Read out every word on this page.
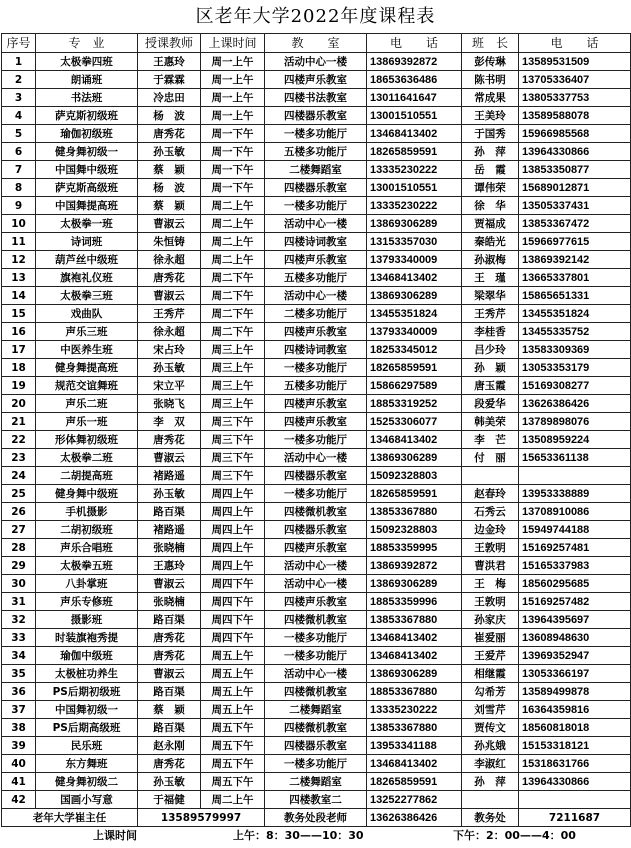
区老年大学2022年度课程表
序号	专　业	授课教师	上课时间	教　　室	电　　话	班　长	电　　话
1	太极拳四班	王惠玲	周一上午	活动中心一楼	13869392872	彭传琳	13589531509
2	朗诵班	于霖霖	周一上午	四楼声乐教室	18653636486	陈书明	13705336407
3	书法班	冷忠田	周一上午	四楼书法教室	13011641647	常成果	13805337753
4	萨克斯初级班	杨　波	周一上午	四楼器乐教室	13001510551	王美玲	13589588078
5	瑜伽初级班	唐秀花	周一下午	一楼多功能厅	13468413402	于国秀	15966985568
6	健身舞初级一	孙玉敏	周一下午	五楼多功能厅	18265859591	孙　萍	13964330866
7	中国舞中级班	蔡　颖	周一下午	二楼舞蹈室	13335230222	岳　霞	13853350877
8	萨克斯高级班	杨　波	周一下午	四楼器乐教室	13001510551	谭伟荣	15689012871
9	中国舞提高班	蔡　颖	周二上午	一楼多功能厅	13335230222	徐　华	13505337431
10	太极拳一班	曹淑云	周二上午	活动中心一楼	13869306289	贾福成	13853367472
11	诗词班	朱恒铸	周二上午	四楼诗词教室	13153357030	秦皓光	15966977615
12	葫芦丝中级班	徐永超	周二上午	四楼声乐教室	13793340009	孙淑梅	13869392142
13	旗袍礼仪班	唐秀花	周二下午	五楼多功能厅	13468413402	王　瑾	13665337801
14	太极拳三班	曹淑云	周二下午	活动中心一楼	13869306289	梁翠华	15865651331
15	戏曲队	王秀芹	周二下午	二楼多功能厅	13455351824	王秀芹	13455351824
16	声乐三班	徐永超	周二下午	四楼声乐教室	13793340009	李桂香	13455335752
17	中医养生班	宋占玲	周三上午	四楼诗词教室	18253345012	吕少玲	13583309369
18	健身舞提高班	孙玉敏	周三上午	一楼多功能厅	18265859591	孙　颖	13053353179
19	规范交谊舞班	宋立平	周三上午	五楼多功能厅	15866297589	唐玉霞	15169308277
20	声乐二班	张晓飞	周三上午	四楼声乐教室	18853319252	段爱华	13626386426
21	声乐一班	李　双	周三下午	四楼声乐教室	15253306077	韩美荣	13789898076
22	形体舞初级班	唐秀花	周三下午	一楼多功能厅	13468413402	李　芒	13508959224
23	太极拳二班	曹淑云	周三下午	活动中心一楼	13869306289	付　丽	15653361138
24	二胡提高班	褚路遥	周三下午	四楼器乐教室	15092328803		
25	健身舞中级班	孙玉敏	周四上午	一楼多功能厅	18265859591	赵春玲	13953338889
26	手机摄影	路百渠	周四上午	四楼微机教室	13853367880	石秀云	13708910086
27	二胡初级班	褚路遥	周四上午	四楼器乐教室	15092328803	边金玲	15949744188
28	声乐合唱班	张晓楠	周四上午	四楼声乐教室	18853359995	王敦明	15169257481
29	太极拳五班	王惠玲	周四上午	活动中心一楼	13869392872	曹洪君	15165337983
30	八卦掌班	曹淑云	周四下午	活动中心一楼	13869306289	王　梅	18560295685
31	声乐专修班	张晓楠	周四下午	四楼声乐教室	18853359996	王敦明	15169257482
32	摄影班	路百渠	周四下午	四楼微机教室	13853367880	孙家庆	13964395697
33	时装旗袍秀提	唐秀花	周四下午	一楼多功能厅	13468413402	崔爱丽	13608948630
34	瑜伽中级班	唐秀花	周五上午	一楼多功能厅	13468413402	王爱芹	13969352947
35	太极桩功养生	曹淑云	周五上午	活动中心一楼	13869306289	相继霞	13053366197
36	PS后期初级班	路百渠	周五上午	四楼微机教室	18853367880	勾希芳	13589499878
37	中国舞初级一	蔡　颖	周五上午	二楼舞蹈室	13335230222	刘雪芹	16364359816
38	PS后期高级班	路百渠	周五下午	四楼微机教室	13853367880	贾传文	18560818018
39	民乐班	赵永刚	周五下午	四楼器乐教室	13953341188	孙兆娥	15153318121
40	东方舞班	唐秀花	周五下午	一楼多功能厅	13468413402	李淑红	15318631766
41	健身舞初级二	孙玉敏	周五下午	二楼舞蹈室	18265859591	孙　萍	13964330866
42	国画小写意	于福健	周二上午	四楼教室二	13252277862		
老年大学崔主任		13589579997		教务处段老师	13626386426	教务处	7211687
上课时间	上午：8：30——10：30	下午：2：00——4：00
